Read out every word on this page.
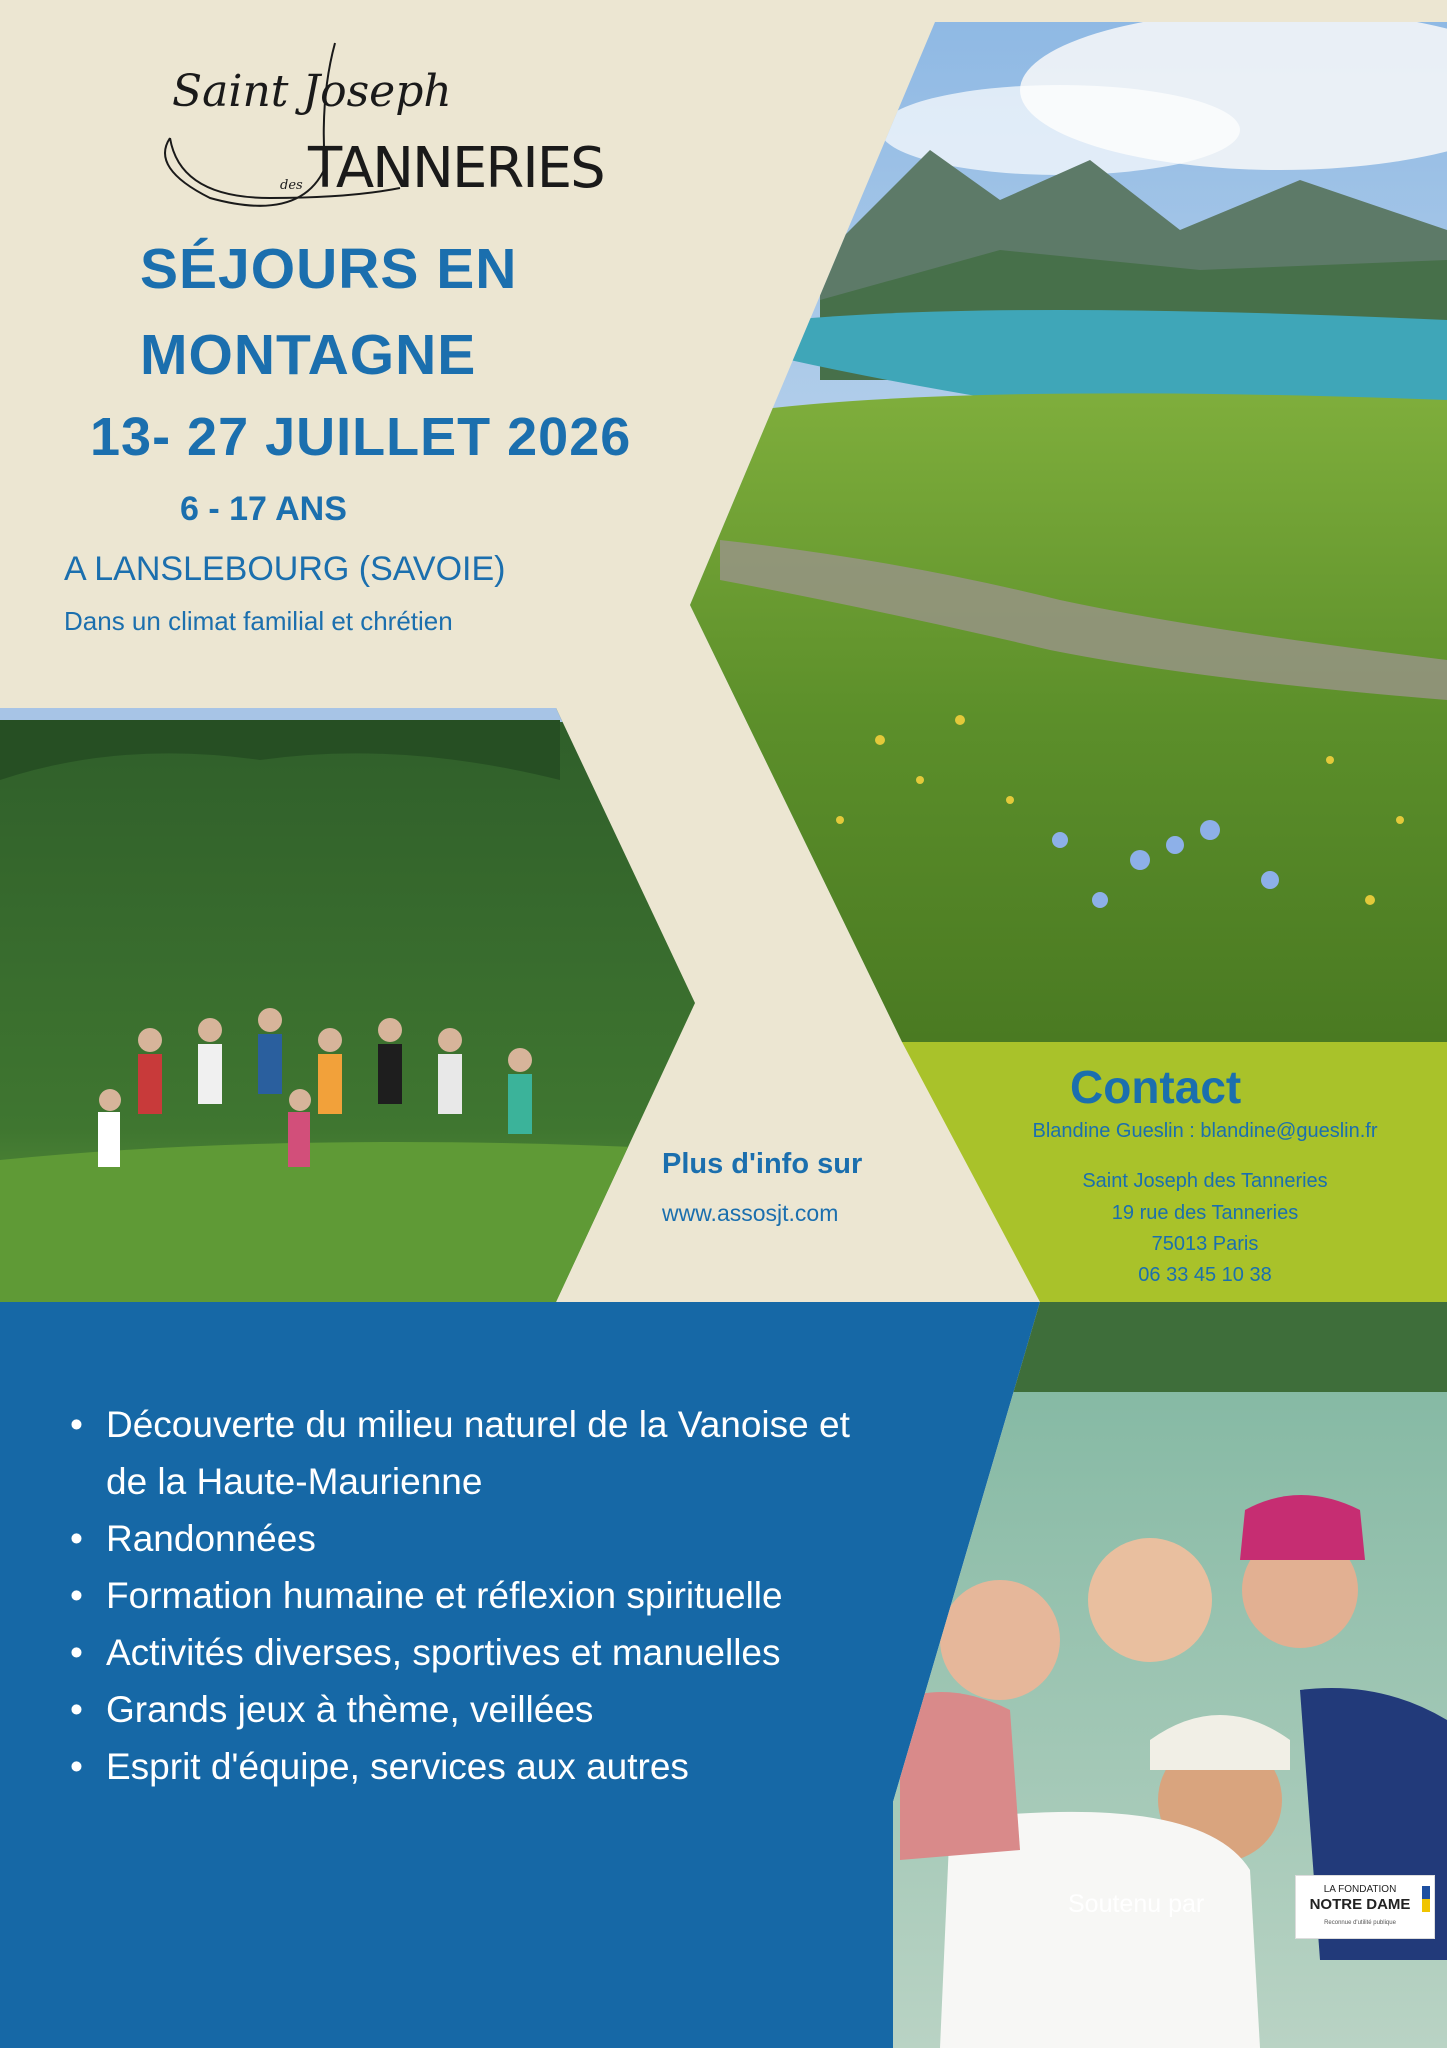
Saint Joseph
des TANNERIES
SÉJOURS EN
MONTAGNE
13- 27 JUILLET 2026
6 - 17 ANS
A LANSLEBOURG (SAVOIE)
Dans un climat familial et chrétien
Plus d'info sur
www.assosjt.com
Contact
Blandine Gueslin : blandine@gueslin.fr
Saint Joseph des Tanneries
19 rue des Tanneries
75013 Paris
06 33 45 10 38
• Découverte du milieu naturel de la Vanoise et de la Haute-Maurienne
• Randonnées
• Formation humaine et réflexion spirituelle
• Activités diverses, sportives et manuelles
• Grands jeux à thème, veillées
• Esprit d'équipe, services aux autres
Soutenu par
LA FONDATION
NOTRE DAME
Reconnue d'utilité publique
